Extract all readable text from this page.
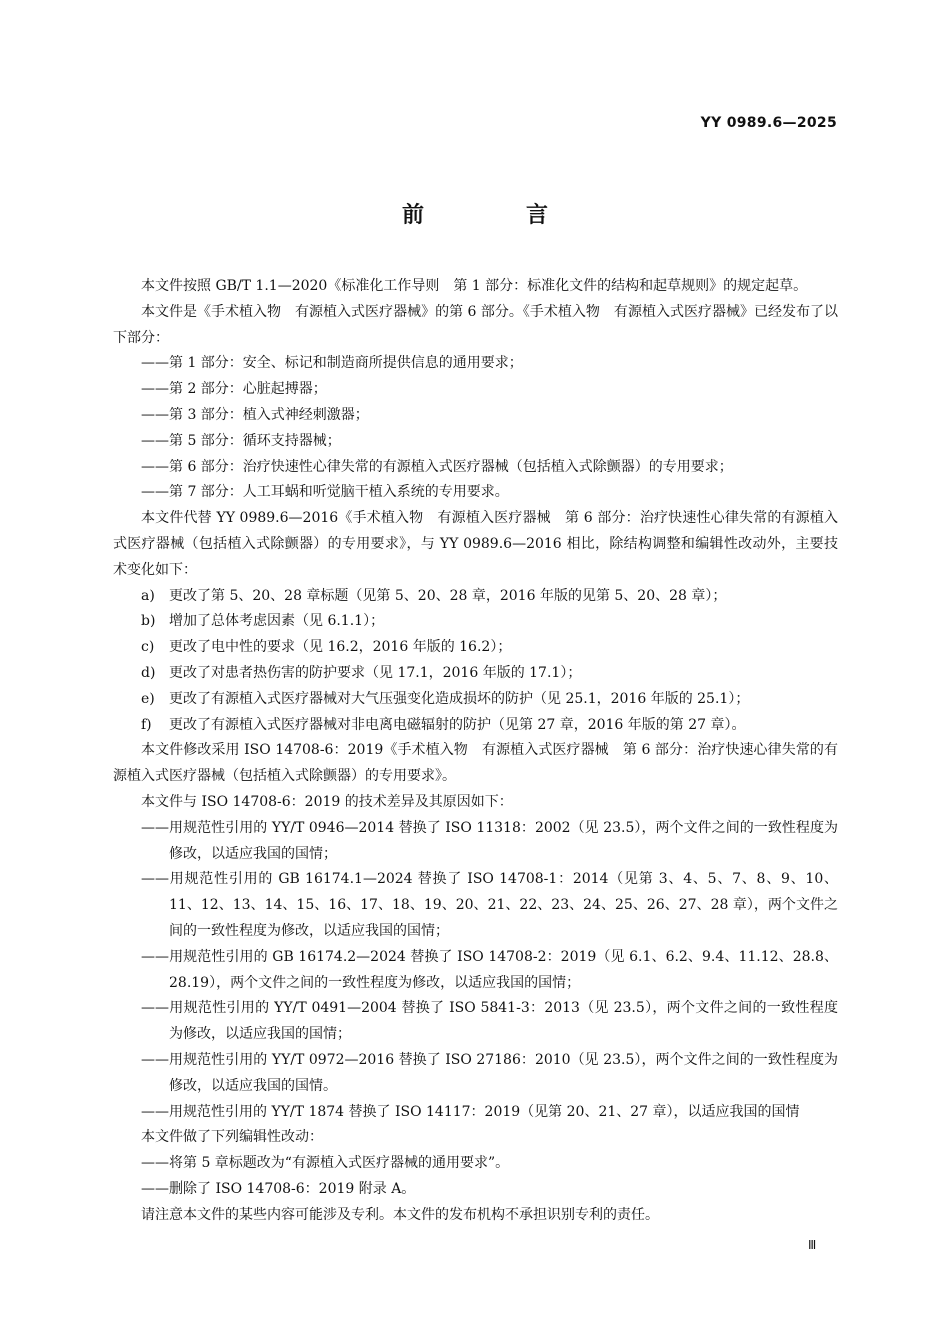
YY 0989.6—2025
前　言

本文件按照 GB/T 1.1—2020《标准化工作导则　第 1 部分：标准化文件的结构和起草规则》的规定起草。

本文件是《手术植入物　有源植入式医疗器械》的第 6 部分。《手术植入物　有源植入式医疗器械》已经发布了以下部分：

——第 1 部分：安全、标记和制造商所提供信息的通用要求；

——第 2 部分：心脏起搏器；

——第 3 部分：植入式神经刺激器；

——第 5 部分：循环支持器械；

——第 6 部分：治疗快速性心律失常的有源植入式医疗器械（包括植入式除颤器）的专用要求；

——第 7 部分：人工耳蜗和听觉脑干植入系统的专用要求。

本文件代替 YY 0989.6—2016《手术植入物　有源植入医疗器械　第 6 部分：治疗快速性心律失常的有源植入式医疗器械（包括植入式除颤器）的专用要求》，与 YY 0989.6—2016 相比，除结构调整和编辑性改动外，主要技术变化如下：

a) 更改了第 5、20、28 章标题（见第 5、20、28 章，2016 年版的见第 5、20、28 章）；

b) 增加了总体考虑因素（见 6.1.1）；

c) 更改了电中性的要求（见 16.2，2016 年版的 16.2）；

d) 更改了对患者热伤害的防护要求（见 17.1，2016 年版的 17.1）；

e) 更改了有源植入式医疗器械对大气压强变化造成损坏的防护（见 25.1，2016 年版的 25.1）；

f) 更改了有源植入式医疗器械对非电离电磁辐射的防护（见第 27 章，2016 年版的第 27 章）。

本文件修改采用 ISO 14708-6：2019《手术植入物　有源植入式医疗器械　第 6 部分：治疗快速心律失常的有源植入式医疗器械（包括植入式除颤器）的专用要求》。

本文件与 ISO 14708-6：2019 的技术差异及其原因如下：

——用规范性引用的 YY/T 0946—2014 替换了 ISO 11318：2002（见 23.5），两个文件之间的一致性程度为修改，以适应我国的国情；

——用规范性引用的 GB 16174.1—2024 替换了 ISO 14708-1：2014（见第 3、4、5、7、8、9、10、11、12、13、14、15、16、17、18、19、20、21、22、23、24、25、26、27、28 章），两个文件之间的一致性程度为修改，以适应我国的国情；

——用规范性引用的 GB 16174.2—2024 替换了 ISO 14708-2：2019（见 6.1、6.2、9.4、11.12、28.8、28.19），两个文件之间的一致性程度为修改，以适应我国的国情；

——用规范性引用的 YY/T 0491—2004 替换了 ISO 5841-3：2013（见 23.5），两个文件之间的一致性程度为修改，以适应我国的国情；

——用规范性引用的 YY/T 0972—2016 替换了 ISO 27186：2010（见 23.5），两个文件之间的一致性程度为修改，以适应我国的国情。

——用规范性引用的 YY/T 1874 替换了 ISO 14117：2019（见第 20、21、27 章），以适应我国的国情

本文件做了下列编辑性改动：

——将第 5 章标题改为“有源植入式医疗器械的通用要求”。

——删除了 ISO 14708-6：2019 附录 A。

请注意本文件的某些内容可能涉及专利。本文件的发布机构不承担识别专利的责任。

Ⅲ
